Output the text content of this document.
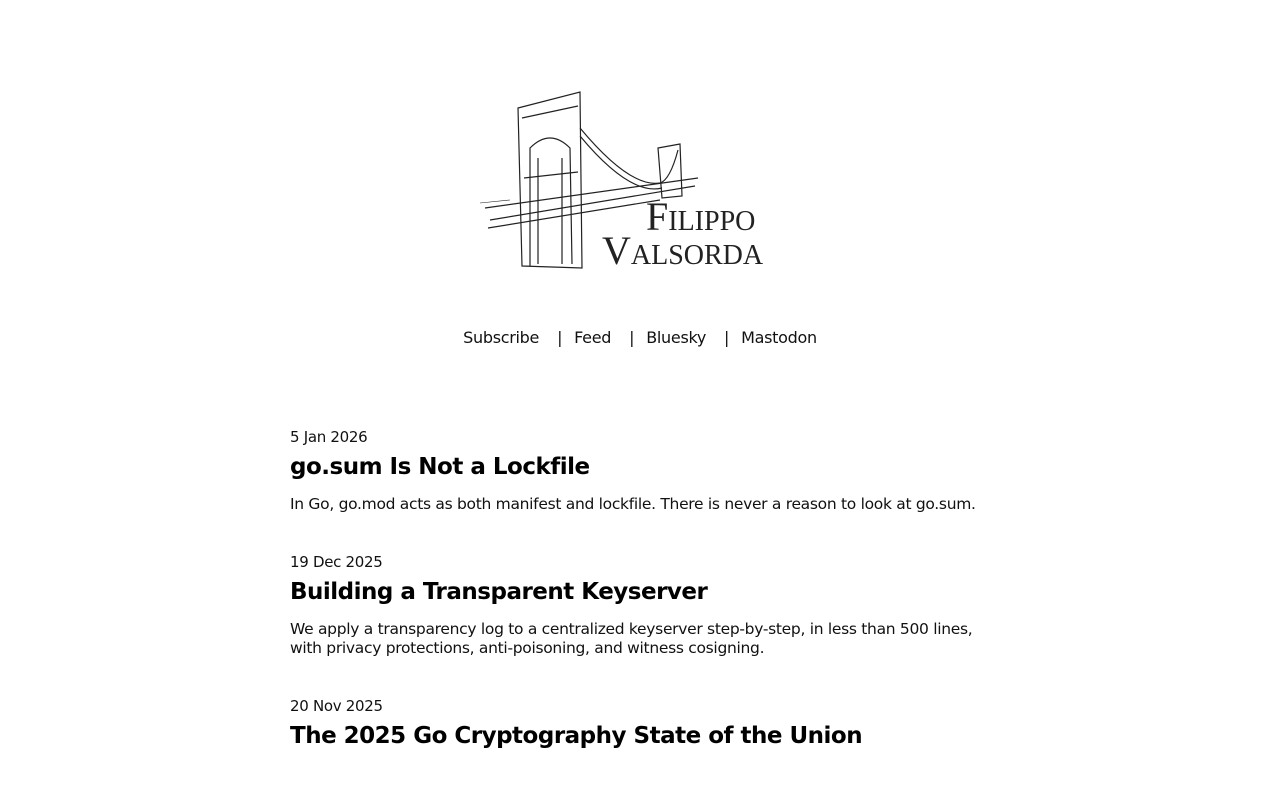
Filippo
Valsorda
Subscribe | Feed | Bluesky | Mastodon
5 Jan 2026
go.sum Is Not a Lockfile
In Go, go.mod acts as both manifest and lockfile. There is never a reason to look at go.sum.
19 Dec 2025
Building a Transparent Keyserver
We apply a transparency log to a centralized keyserver step-by-step, in less than 500 lines, with privacy protections, anti-poisoning, and witness cosigning.
20 Nov 2025
The 2025 Go Cryptography State of the Union
